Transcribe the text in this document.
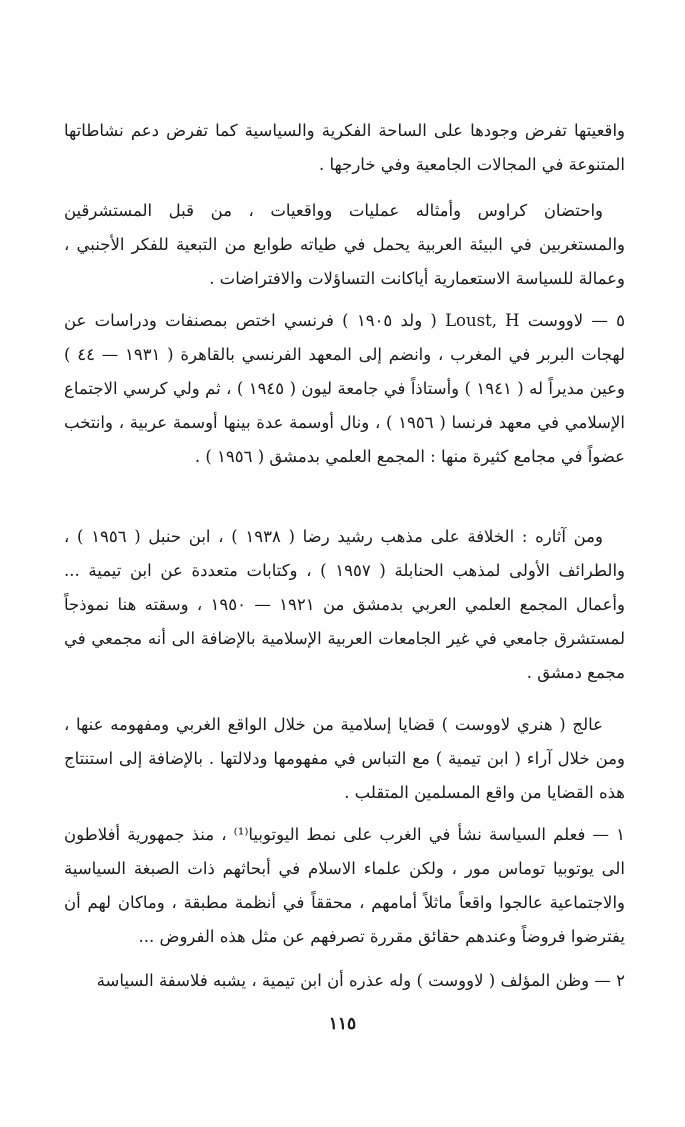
واقعيتها تفرض وجودها على الساحة الفكرية والسياسية كما تفرض دعم نشاطاتها المتنوعة في المجالات الجامعية وفي خارجها .

واحتضان كراوس وأمثاله عمليات وواقعيات ، من قبل المستشرقين والمستغربين في البيئة العربية يحمل في طياته طوابع من التبعية للفكر الأجنبي ، وعمالة للسياسة الاستعمارية أياكانت التساؤلات والافتراضات .

٥ — لاووست Loust, H ( ولد ١٩٠٥ ) فرنسي اختص بمصنفات ودراسات عن لهجات البربر في المغرب ، وانضم إلى المعهد الفرنسي بالقاهرة ( ١٩٣١ — ٤٤ ) وعين مديراً له ( ١٩٤١ ) وأستاذاً في جامعة ليون ( ١٩٤٥ ) ، ثم ولي كرسي الاجتماع الإسلامي في معهد فرنسا ( ١٩٥٦ ) ، ونال أوسمة عدة بينها أوسمة عربية ، وانتخب عضواً في مجامع كثيرة منها : المجمع العلمي بدمشق ( ١٩٥٦ ) .

ومن آثاره : الخلافة على مذهب رشيد رضا ( ١٩٣٨ ) ، ابن حنبل ( ١٩٥٦ ) ، والطرائف الأولى لمذهب الحنابلة ( ١٩٥٧ ) ، وكتابات متعددة عن ابن تيمية ... وأعمال المجمع العلمي العربي بدمشق من ١٩٢١ — ١٩٥٠ ، وسقته هنا نموذجاً لمستشرق جامعي في غير الجامعات العربية الإسلامية بالإضافة الى أنه مجمعي في مجمع دمشق .

عالج ( هنري لاووست ) قضايا إسلامية من خلال الواقع الغربي ومفهومه عنها ، ومن خلال آراء ( ابن تيمية ) مع التباس في مفهومها ودلالتها . بالإضافة إلى استنتاج هذه القضايا من واقع المسلمين المتقلب .

١ — فعلم السياسة نشأ في الغرب على نمط اليوتوبيا⁽¹⁾ ، منذ جمهورية أفلاطون الى يوتوبيا توماس مور ، ولكن علماء الاسلام في أبحاثهم ذات الصبغة السياسية والاجتماعية عالجوا واقعاً ماثلاً أمامهم ، محققاً في أنظمة مطبقة ، وماكان لهم أن يفترضوا فروضاً وعندهم حقائق مقررة تصرفهم عن مثل هذه الفروض ...

٢ — وظن المؤلف ( لاووست ) وله عذره أن ابن تيمية ، يشبه فلاسفة السياسة

١١٥
